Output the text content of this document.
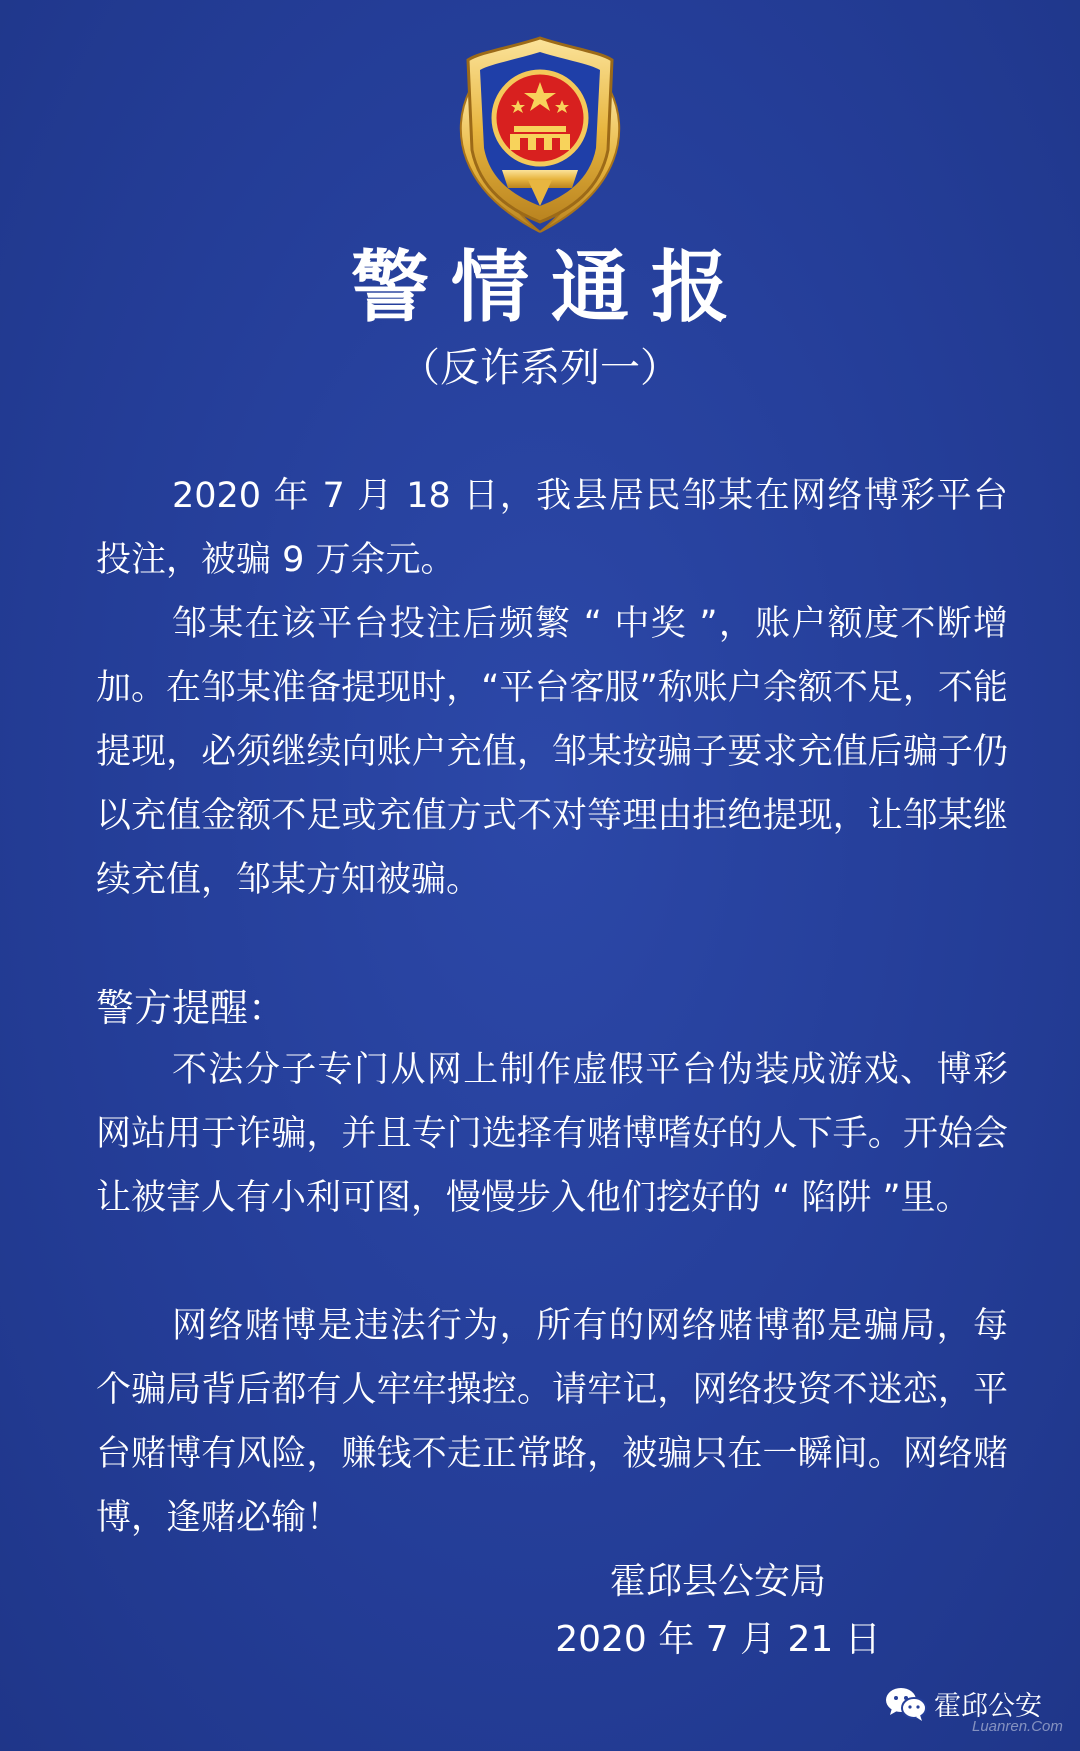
警情通报
（反诈系列一）

2020 年 7 月 18 日，我县居民邹某在网络博彩平台投注，被骗 9 万余元。

邹某在该平台投注后频繁 “ 中奖 ”，账户额度不断增加。在邹某准备提现时，“平台客服”称账户余额不足，不能提现，必须继续向账户充值，邹某按骗子要求充值后骗子仍以充值金额不足或充值方式不对等理由拒绝提现，让邹某继续充值，邹某方知被骗。

警方提醒：

不法分子专门从网上制作虚假平台伪装成游戏、博彩网站用于诈骗，并且专门选择有赌博嗜好的人下手。开始会让被害人有小利可图，慢慢步入他们挖好的 “ 陷阱 ”里。

网络赌博是违法行为，所有的网络赌博都是骗局，每个骗局背后都有人牢牢操控。请牢记，网络投资不迷恋，平台赌博有风险，赚钱不走正常路，被骗只在一瞬间。网络赌博，逢赌必输！

霍邱县公安局
2020 年 7 月 21 日
霍邱公安
Luanren.Com
